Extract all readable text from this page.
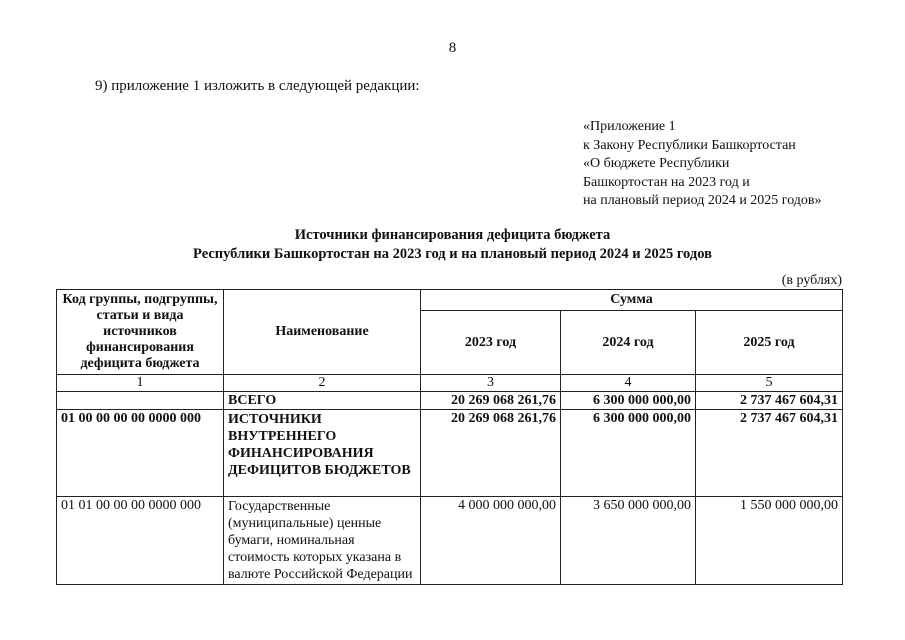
8
9) приложение 1 изложить в следующей редакции:
«Приложение 1
к Закону Республики Башкортостан
«О бюджете Республики
Башкортостан на 2023 год и
на плановый период 2024 и 2025 годов»
Источники финансирования дефицита бюджета
Республики Башкортостан на 2023 год и на плановый период 2024 и 2025 годов
(в рублях)
Код группы, подгруппы, статьи и вида источников финансирования дефицита бюджета	Наименование	Сумма		
		2023 год	2024 год	2025 год
1	2	3	4	5
	ВСЕГО	20 269 068 261,76	6 300 000 000,00	2 737 467 604,31
01 00 00 00 00 0000 000	ИСТОЧНИКИ ВНУТРЕННЕГО ФИНАНСИРОВАНИЯ ДЕФИЦИТОВ БЮДЖЕТОВ	20 269 068 261,76	6 300 000 000,00	2 737 467 604,31
01 01 00 00 00 0000 000	Государственные (муниципальные) ценные бумаги, номинальная стоимость которых указана в валюте Российской Федерации	4 000 000 000,00	3 650 000 000,00	1 550 000 000,00
